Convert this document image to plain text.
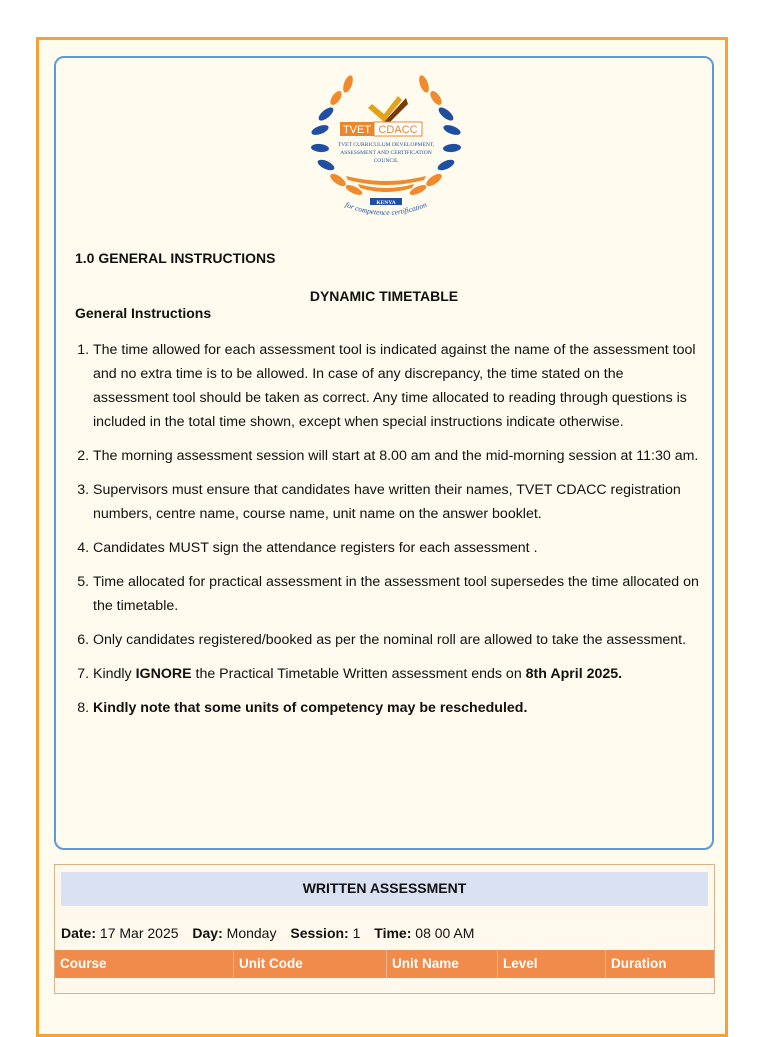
TVET CDACC
TVET CURRICULUM DEVELOPMENT,
ASSESSMENT AND CERTIFICATION
COUNCIL
KENYA
for competence certification
1.0 GENERAL INSTRUCTIONS
DYNAMIC TIMETABLE
General Instructions
1. The time allowed for each assessment tool is indicated against the name of the assessment tool and no extra time is to be allowed. In case of any discrepancy, the time stated on the assessment tool should be taken as correct. Any time allocated to reading through questions is included in the total time shown, except when special instructions indicate otherwise.
2. The morning assessment session will start at 8.00 am and the mid-morning session at 11:30 am.
3. Supervisors must ensure that candidates have written their names, TVET CDACC registration numbers, centre name, course name, unit name on the answer booklet.
4. Candidates MUST sign the attendance registers for each assessment .
5. Time allocated for practical assessment in the assessment tool supersedes the time allocated on the timetable.
6. Only candidates registered/booked as per the nominal roll are allowed to take the assessment.
7. Kindly IGNORE the Practical Timetable Written assessment ends on 8th April 2025.
8. Kindly note that some units of competency may be rescheduled.
WRITTEN ASSESSMENT
Date: 17 Mar 2025 Day: Monday Session: 1 Time: 08 00 AM
Course	Unit Code	Unit Name	Level	Duration
